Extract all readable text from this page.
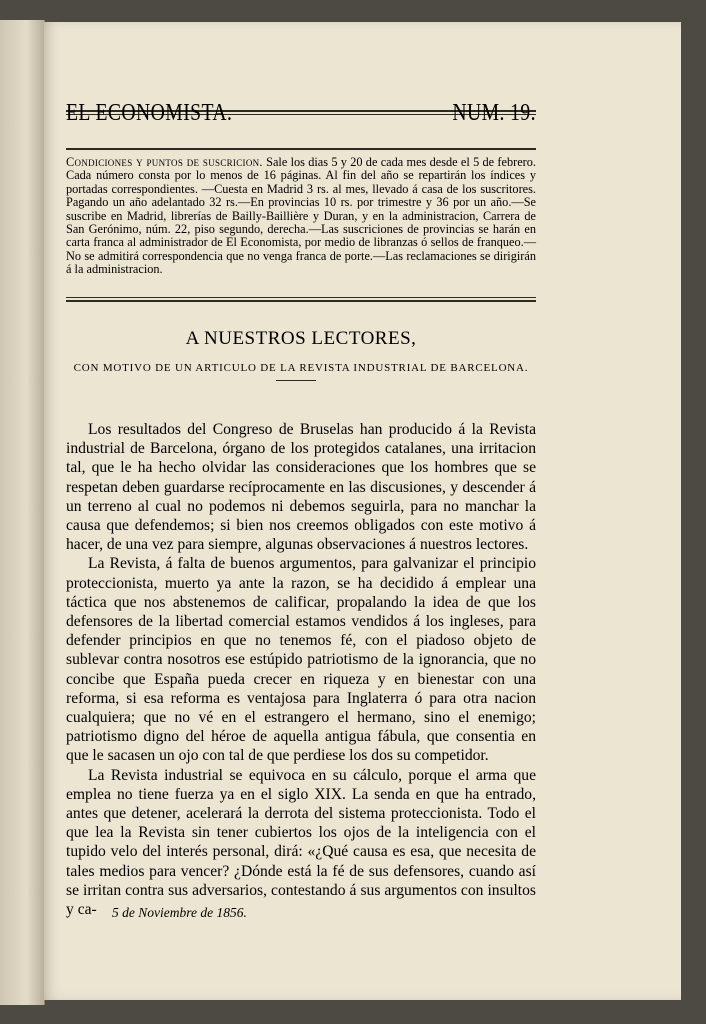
EL ECONOMISTA.	NUM. 19.
Condiciones y puntos de suscricion. Sale los dias 5 y 20 de cada mes desde el 5 de febrero. Cada número consta por lo menos de 16 páginas. Al fin del año se repartirán los índices y portadas correspondientes. —Cuesta en Madrid 3 rs. al mes, llevado á casa de los suscritores. Pagando un año adelantado 32 rs.—En provincias 10 rs. por trimestre y 36 por un año.—Se suscribe en Madrid, librerías de Bailly-Baillière y Duran, y en la administracion, Carrera de San Gerónimo, núm. 22, piso segundo, derecha.—Las suscriciones de provincias se harán en carta franca al administrador de El Economista, por medio de libranzas ó sellos de franqueo.—No se admitirá correspondencia que no venga franca de porte.—Las reclamaciones se dirigirán á la administracion.
A NUESTROS LECTORES,
CON MOTIVO DE UN ARTICULO DE LA REVISTA INDUSTRIAL DE BARCELONA.

Los resultados del Congreso de Bruselas han producido á la Revista industrial de Barcelona, órgano de los protegidos catalanes, una irritacion tal, que le ha hecho olvidar las consideraciones que los hombres que se respetan deben guardarse recíprocamente en las discusiones, y descender á un terreno al cual no podemos ni debemos seguirla, para no manchar la causa que defendemos; si bien nos creemos obligados con este motivo á hacer, de una vez para siempre, algunas observaciones á nuestros lectores.

La Revista, á falta de buenos argumentos, para galvanizar el principio proteccionista, muerto ya ante la razon, se ha decidido á emplear una táctica que nos abstenemos de calificar, propalando la idea de que los defensores de la libertad comercial estamos vendidos á los ingleses, para defender principios en que no tenemos fé, con el piadoso objeto de sublevar contra nosotros ese estúpido patriotismo de la ignorancia, que no concibe que España pueda crecer en riqueza y en bienestar con una reforma, si esa reforma es ventajosa para Inglaterra ó para otra nacion cualquiera; que no vé en el estrangero el hermano, sino el enemigo; patriotismo digno del héroe de aquella antigua fábula, que consentia en que le sacasen un ojo con tal de que perdiese los dos su competidor.

La Revista industrial se equivoca en su cálculo, porque el arma que emplea no tiene fuerza ya en el siglo XIX. La senda en que ha entrado, antes que detener, acelerará la derrota del sistema proteccionista. Todo el que lea la Revista sin tener cubiertos los ojos de la inteligencia con el tupido velo del interés personal, dirá: «¿Qué causa es esa, que necesita de tales medios para vencer? ¿Dónde está la fé de sus defensores, cuando así se irritan contra sus adversarios, contestando á sus argumentos con insultos y ca-	5 de Noviembre de 1856.
